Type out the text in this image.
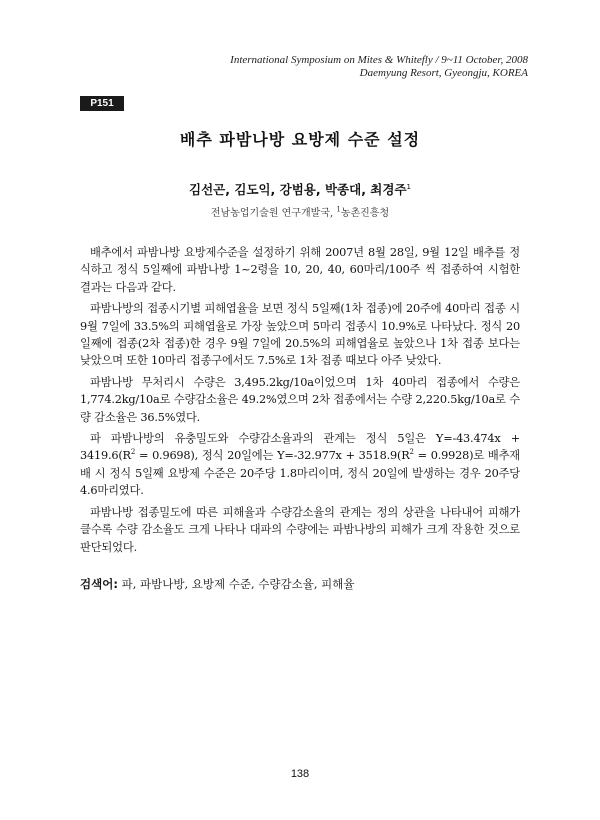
International Symposium on Mites & Whitefly / 9~11 October, 2008
Daemyung Resort, Gyeongju, KOREA
P151
배추 파밤나방 요방제 수준 설정
김선곤, 김도익, 강범용, 박종대, 최경주$^1$
전남농업기술원 연구개발국, $^1$농촌진흥청

배추에서 파밤나방 요방제수준을 설정하기 위해 2007년 8월 28일, 9월 12일 배추를 정식하고 정식 5일째에 파밤나방 1~2령을 10, 20, 40, 60마리/100주 씩 접종하여 시험한 결과는 다음과 같다.

파밤나방의 접종시기별 피해엽율을 보면 정식 5일째(1차 접종)에 20주에 40마리 접종 시 9월 7일에 33.5%의 피해엽율로 가장 높았으며 5마리 접종시 10.9%로 나타났다. 정식 20일째에 접종(2차 접종)한 경우 9월 7일에 20.5%의 피해엽율로 높았으나 1차 접종 보다는 낮았으며 또한 10마리 접종구에서도 7.5%로 1차 접종 때보다 아주 낮았다.

파밤나방 무처리시 수량은 3,495.2kg/10a이었으며 1차 40마리 접종에서 수량은 1,774.2kg/10a로 수량감소율은 49.2%였으며 2차 접종에서는 수량 2,220.5kg/10a로 수량 감소율은 36.5%였다.

파 파밤나방의 유충밀도와 수량감소율과의 관계는 정식 5일은 $Y=-43.474x + 3419.6(R^2 = 0.9698)$, 정식 20일에는 $Y=-32.977x + 3518.9(R^2 = 0.9928)$로 배추재배 시 정식 5일째 요방제 수준은 20주당 1.8마리이며, 정식 20일에 발생하는 경우 20주당 4.6마리였다.

파밤나방 접종밀도에 따른 피해율과 수량감소율의 관계는 정의 상관을 나타내어 피해가 클수록 수량 감소율도 크게 나타나 대파의 수량에는 파밤나방의 피해가 크게 작용한 것으로 판단되었다.

검색어: 파, 파밤나방, 요방제 수준, 수량감소율, 피해율
138
